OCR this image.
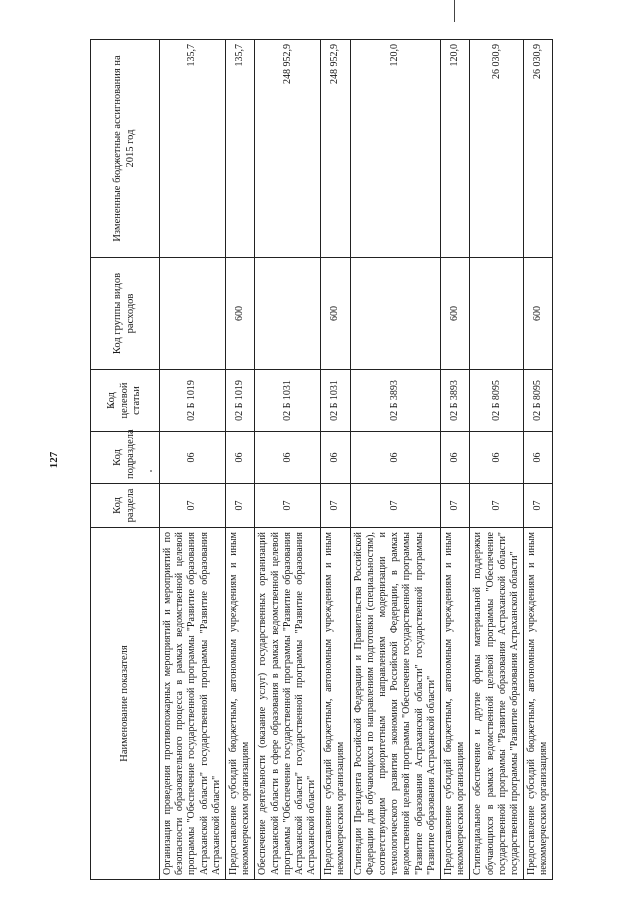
127
Наименование показателя	Код раздела	Код подраздела	Код целевой статьи	Код группы видов расходов	Измененные бюджетные ассигнования на 2015 год
Организация проведения противопожарных мероприятий и мероприятий по безопасности образовательного процесса в рамках ведомственной целевой программы "Обеспечение государственной программы "Развитие образования Астраханской области" государственной программы "Развитие образования Астраханской области"	07	06	02 Б 1019		135,7
Предоставление субсидий бюджетным, автономным учреждениям и иным некоммерческим организациям	07	06	02 Б 1019	600	135,7
Обеспечение деятельности (оказание услуг) государственных организаций Астраханской области в сфере образования в рамках ведомственной целевой программы "Обеспечение государственной программы "Развитие образования Астраханской области" государственной программы "Развитие образования Астраханской области"	07	06	02 Б 1031		248 952,9
Предоставление субсидий бюджетным, автономным учреждениям и иным некоммерческим организациям	07	06	02 Б 1031	600	248 952,9
Стипендии Президента Российской Федерации и Правительства Российской Федерации для обучающихся по направлениям подготовки (специальностям), соответствующим приоритетным направлениям модернизации и технологического развития экономики Российской Федерации, в рамках ведомственной целевой программы "Обеспечение государственной программы "Развитие образования Астраханской области" государственной программы "Развитие образования Астраханской области"	07	06	02 Б 3893		120,0
Предоставление субсидий бюджетным, автономным учреждениям и иным некоммерческим организациям	07	06	02 Б 3893	600	120,0
Стипендиальное обеспечение и другие формы материальной поддержки обучающихся в рамках ведомственной целевой программы "Обеспечение государственной программы "Развитие образования Астраханской области" государственной программы "Развитие образования Астраханской области"	07	06	02 Б 8095		26 030,9
Предоставление субсидий бюджетным, автономным учреждениям и иным некоммерческим организациям	07	06	02 Б 8095	600	26 030,9
